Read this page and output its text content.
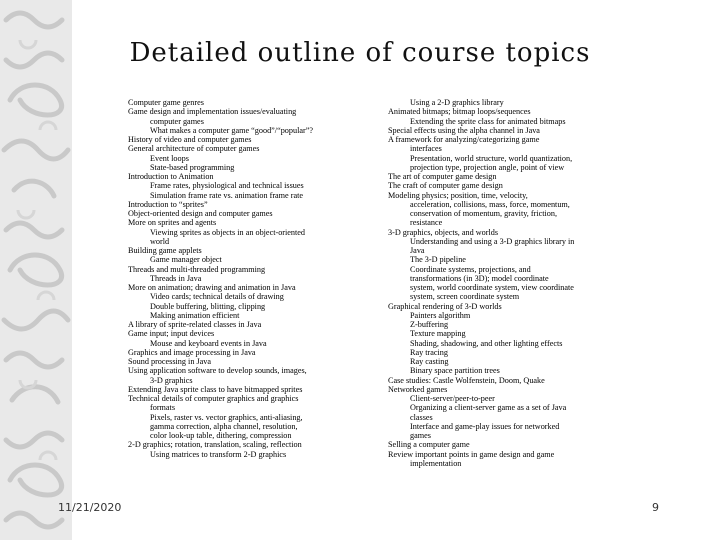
Detailed outline of course topics
Computer game genres
Game design and implementation issues/evaluating
computer games
What makes a computer game “good”/“popular”?
History of video and computer games
General architecture of computer games
Event loops
State-based programming
Introduction to Animation
Frame rates, physiological and technical issues
Simulation frame rate vs. animation frame rate
Introduction to “sprites”
Object-oriented design and computer games
More on sprites and agents
Viewing sprites as objects in an object-oriented
world
Building game applets
Game manager object
Threads and multi-threaded programming
Threads in Java
More on animation; drawing and animation in Java
Video cards; technical details of drawing
Double buffering, blitting, clipping
Making animation efficient
A library of sprite-related classes in Java
Game input; input devices
Mouse and keyboard events in Java
Graphics and image processing in Java
Sound processing in Java
Using application software to develop sounds, images,
3-D graphics
Extending Java sprite class to have bitmapped sprites
Technical details of computer graphics and graphics
formats
Pixels, raster vs. vector graphics, anti-aliasing,
gamma correction, alpha channel, resolution,
color look-up table, dithering, compression
2-D graphics; rotation, translation, scaling, reflection
Using matrices to transform 2-D graphics
Using a 2-D graphics library
Animated bitmaps; bitmap loops/sequences
Extending the sprite class for animated bitmaps
Special effects using the alpha channel in Java
A framework for analyzing/categorizing game
interfaces
Presentation, world structure, world quantization,
projection type, projection angle, point of view
The art of computer game design
The craft of computer game design
Modeling physics; position, time, velocity,
acceleration, collisions, mass, force, momentum,
conservation of momentum, gravity, friction,
resistance
3-D graphics, objects, and worlds
Understanding and using a 3-D graphics library in
Java
The 3-D pipeline
Coordinate systems, projections, and
transformations (in 3D); model coordinate
system, world coordinate system, view coordinate
system, screen coordinate system
Graphical rendering of 3-D worlds
Painters algorithm
Z-buffering
Texture mapping
Shading, shadowing, and other lighting effects
Ray tracing
Ray casting
Binary space partition trees
Case studies: Castle Wolfenstein, Doom, Quake
Networked games
Client-server/peer-to-peer
Organizing a client-server game as a set of Java
classes
Interface and game-play issues for networked
games
Selling a computer game
Review important points in game design and game
implementation
11/21/2020	9
